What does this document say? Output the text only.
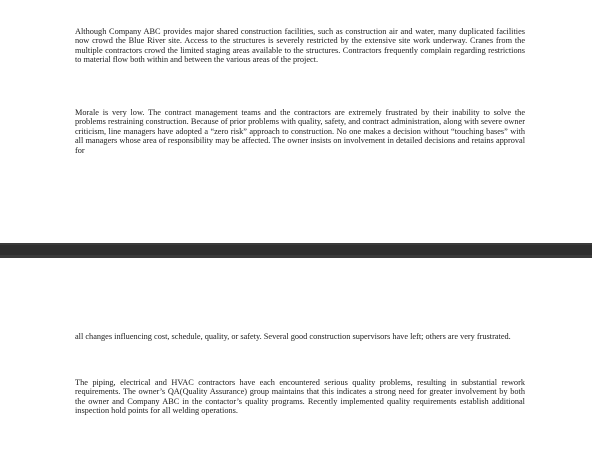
Although Company ABC provides major shared construction facilities, such as construction air and water, many duplicated facilities now crowd the Blue River site. Access to the structures is severely restricted by the extensive site work underway. Cranes from the multiple contractors crowd the limited staging areas available to the structures. Contractors frequently complain regarding restrictions to material flow both within and between the various areas of the project.

Morale is very low. The contract management teams and the contractors are extremely frustrated by their inability to solve the problems restraining construction. Because of prior problems with quality, safety, and contract administration, along with severe owner criticism, line managers have adopted a “zero risk” approach to construction. No one makes a decision without “touching bases” with all managers whose area of responsibility may be affected. The owner insists on involvement in detailed decisions and retains approval for

all changes influencing cost, schedule, quality, or safety. Several good construction supervisors have left; others are very frustrated.

The piping, electrical and HVAC contractors have each encountered serious quality problems, resulting in substantial rework requirements. The owner’s QA(Quality Assurance) group maintains that this indicates a strong need for greater involvement by both the owner and Company ABC in the contactor’s quality programs. Recently implemented quality requirements establish additional inspection hold points for all welding operations.
